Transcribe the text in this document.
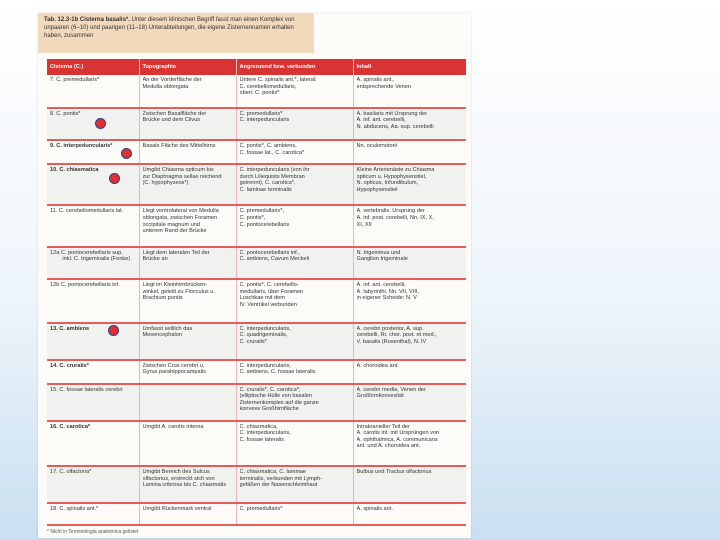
Tab. 12.3-1b Cisterna basalis*. Unter diesem klinischen Begriff fasst man einen Komplex von unpaaren (6–10) und paarigen (11–18) Unterabteilungen, die eigene Zisternennamen erhalten haben, zusammen
Cisterna (C.)	Topographie	Angrenzend bzw. verbunden	Inhalt

7. C. premedullaris*	An der Vorderfläche der
Medulla oblongata	Untere C. spinalis ant.*, lateral:
C. cerebellomedullaris,
oben: C. pontis*	A. spinalis ant.,
entsprechende Venen

8. C. pontis*	Zwischen Basalfläche der
Brücke und dem Clivus	C. premedullaris*
C. interpeduncularis	A. basilaris mit Ursprung der
A. inf. ant. cerebelli,
N. abducens, Aa. sup. cerebelli

9. C. interpeduncularis*	Basale Fläche des Mittelhirns	C. pontis*, C. ambiens,
C. fossae lat., C. carotica*	Nn. oculomotorii

10. C. chiasmatica	Umgibt Chiasma opticum bis
zur Diaphragma sellae reichend
(C. hypophyseos*)	C. interpeduncularis (von ihr
durch Liliequists Membran
getrennt), C. carotica*,
C. laminae terminalis	Kleine Arterienäste zu Chiasma
opticum u. Hypophysenstiel,
N. opticus, Infundibulum,
Hypophysenstiel

11. C. cerebellomedullaris lat.	Liegt ventrolateral von Medulla
oblongata, zwischen Foramen
occipitale magnum und
unterem Rand der Brücke	C. premedullaris*,
C. pontis*,
C. pontocerebellaris	A. vertebralis, Ursprung der
A. inf. post. cerebelli, Nn. IX, X,
XI, XII

12a C. pontocerebellaris sup.
inkl. C. trigeminalis (Fenke)	Liegt dem lateralen Teil der
Brücke an	C. pontocerebellaris inf.,
C. ambiens, Cavum Meckeli	N. trigeminus und
Ganglion trigeminale

12b C. pontocerebellaris inf.	Liegt im Kleinhirnbrücken-
winkel, geteilt zu Flocculus u.
Brachium pontis	C. pontis*, C. cerebello-
medullaris, über Foramen
Luschkae mit dem
IV. Ventrikel verbunden	A. inf. ant. cerebelli,
A. labyrinthi, Nn. VII, VIII,
in eigener Scheide: N. V

13. C. ambiens	Umfasst seitlich das
Mesencephalon	C. interpeduncularis,
C. quadrigeminalis,
C. cruralis*	A. cerebri posterior, A. sup.
cerebelli, Rr. chor. post. et med.,
V. basalis (Rosenthal), N. IV

14. C. cruralis*	Zwischen Crus cerebri u.
Gyrus parahippocampalis	C. interpeduncularis,
C. ambiens, C. fossae lateralis	A. choroidea ant.

15. C. fossae lateralis cerebri		C. cruralis*, C. carotica*;
(elliptische Hülle von basalen
Zisternenkomplex auf die ganze
konvexe Großhirnfläche	A. cerebri media, Venen der
Großhirnkonvexität

16. C. carotica*	Umgibt A. carotis interna	C. chiasmatica,
C. interpeduncularis,
C. fossae lateralis	Intrakranieller Teil der
A. carotis int. mit Ursprüngen von
A. ophthalmica, A. communicans
ant. und A. choroidea ant.

17. C. olfactoria*	Umgibt Bereich des Sulcus
olfactorius, erstreckt sich von
Lamina cribrosa bis C. chiasmatis	C. chiasmatica, C. laminae
terminalis, verbunden mit Lymph-
gefäßen der Nasenschleimhaut	Bulbus und Tractus olfactorius

18. C. spinalis ant.*	Umgibt Rückenmark ventral	C. premedullaris*	A. spinalis ant.
* Nicht in Terminologia anatomica gelistet
